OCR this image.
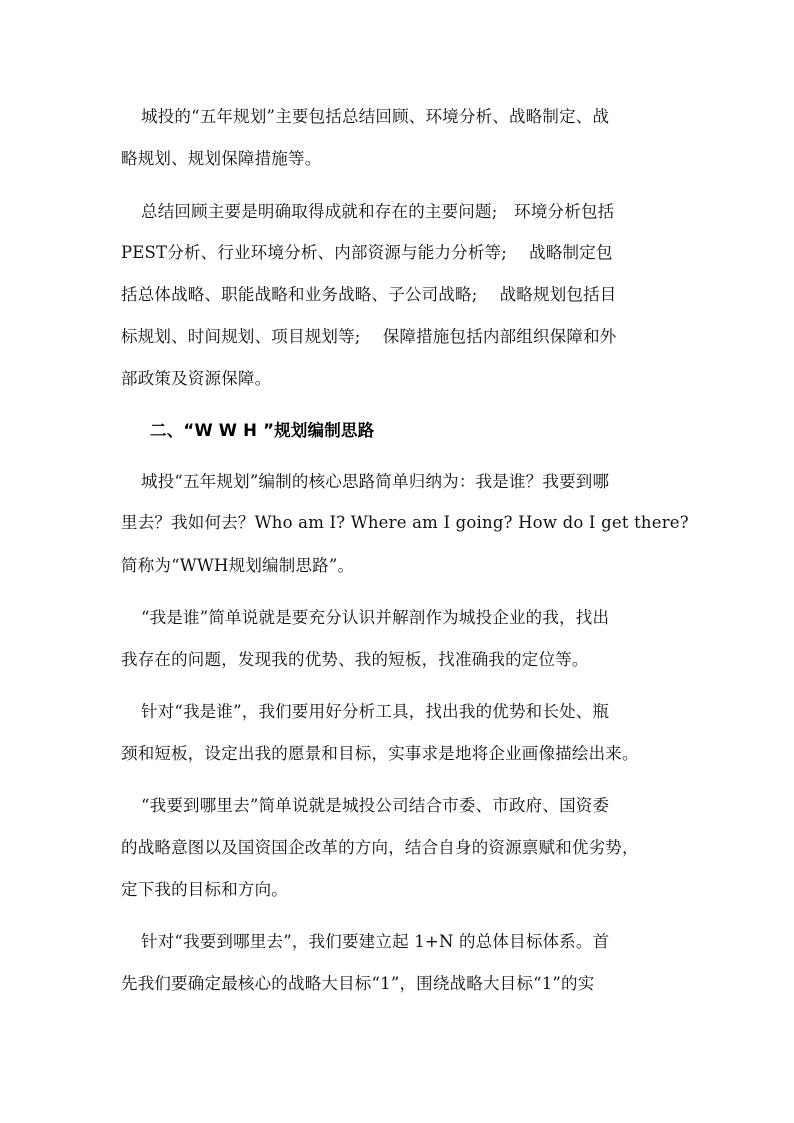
城投的“五年规划”主要包括总结回顾、环境分析、战略制定、战
略规划、规划保障措施等。
总结回顾主要是明确取得成就和存在的主要问题;　环境分析包括
PEST分析、行业环境分析、内部资源与能力分析等;　 战略制定包
括总体战略、职能战略和业务战略、子公司战略;　 战略规划包括目
标规划、时间规划、项目规划等;　 保障措施包括内部组织保障和外
部政策及资源保障。
二、“W W H ”规划编制思路
城投“五年规划”编制的核心思路简单归纳为：我是谁？我要到哪
里去？我如何去？Who am I? Where am I going? How do I get there?
简称为“WWH规划编制思路”。
“我是谁”简单说就是要充分认识并解剖作为城投企业的我，找出
我存在的问题，发现我的优势、我的短板，找准确我的定位等。
针对“我是谁”，我们要用好分析工具，找出我的优势和长处、瓶
颈和短板，设定出我的愿景和目标，实事求是地将企业画像描绘出来。
“我要到哪里去”简单说就是城投公司结合市委、市政府、国资委
的战略意图以及国资国企改革的方向，结合自身的资源禀赋和优劣势，
定下我的目标和方向。
针对“我要到哪里去”，我们要建立起 1+N 的总体目标体系。首
先我们要确定最核心的战略大目标“1”，围绕战略大目标“1”的实
